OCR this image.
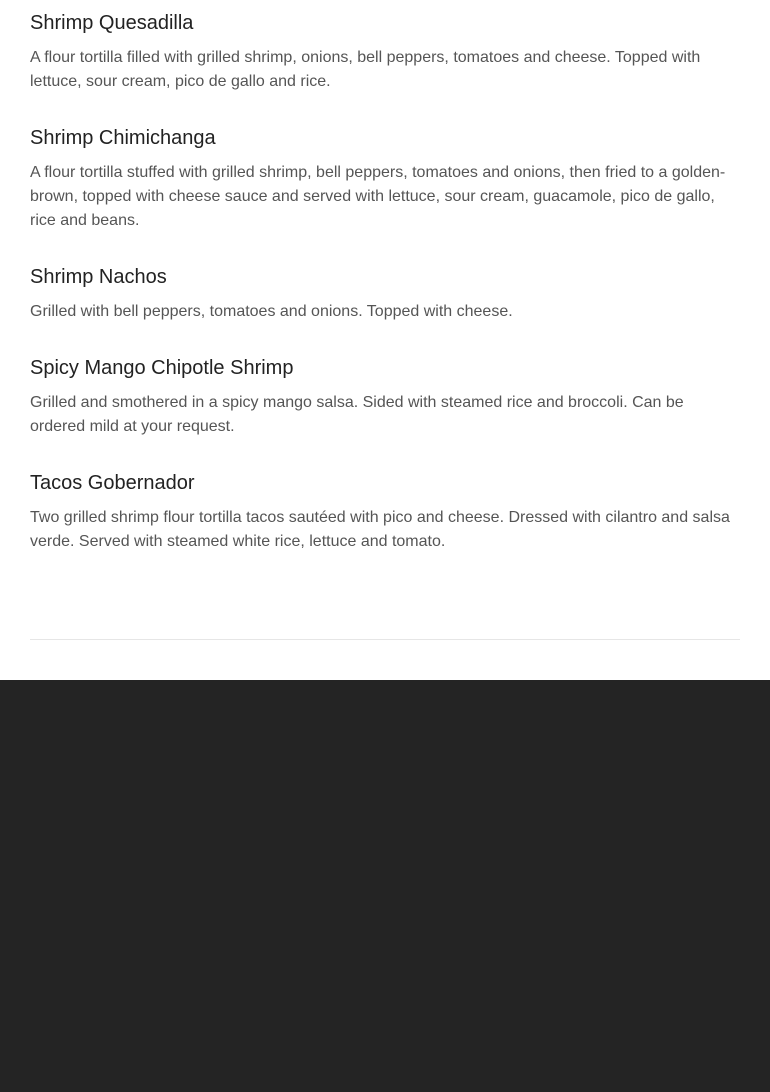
Shrimp Quesadilla

A flour tortilla filled with grilled shrimp, onions, bell peppers, tomatoes and cheese. Topped with lettuce, sour cream, pico de gallo and rice.

Shrimp Chimichanga

A flour tortilla stuffed with grilled shrimp, bell peppers, tomatoes and onions, then fried to a golden-brown, topped with cheese sauce and served with lettuce, sour cream, guacamole, pico de gallo, rice and beans.

Shrimp Nachos

Grilled with bell peppers, tomatoes and onions. Topped with cheese.

Spicy Mango Chipotle Shrimp

Grilled and smothered in a spicy mango salsa. Sided with steamed rice and broccoli. Can be ordered mild at your request.

Tacos Gobernador

Two grilled shrimp flour tortilla tacos sautéed with pico and cheese. Dressed with cilantro and salsa verde. Served with steamed white rice, lettuce and tomato.
